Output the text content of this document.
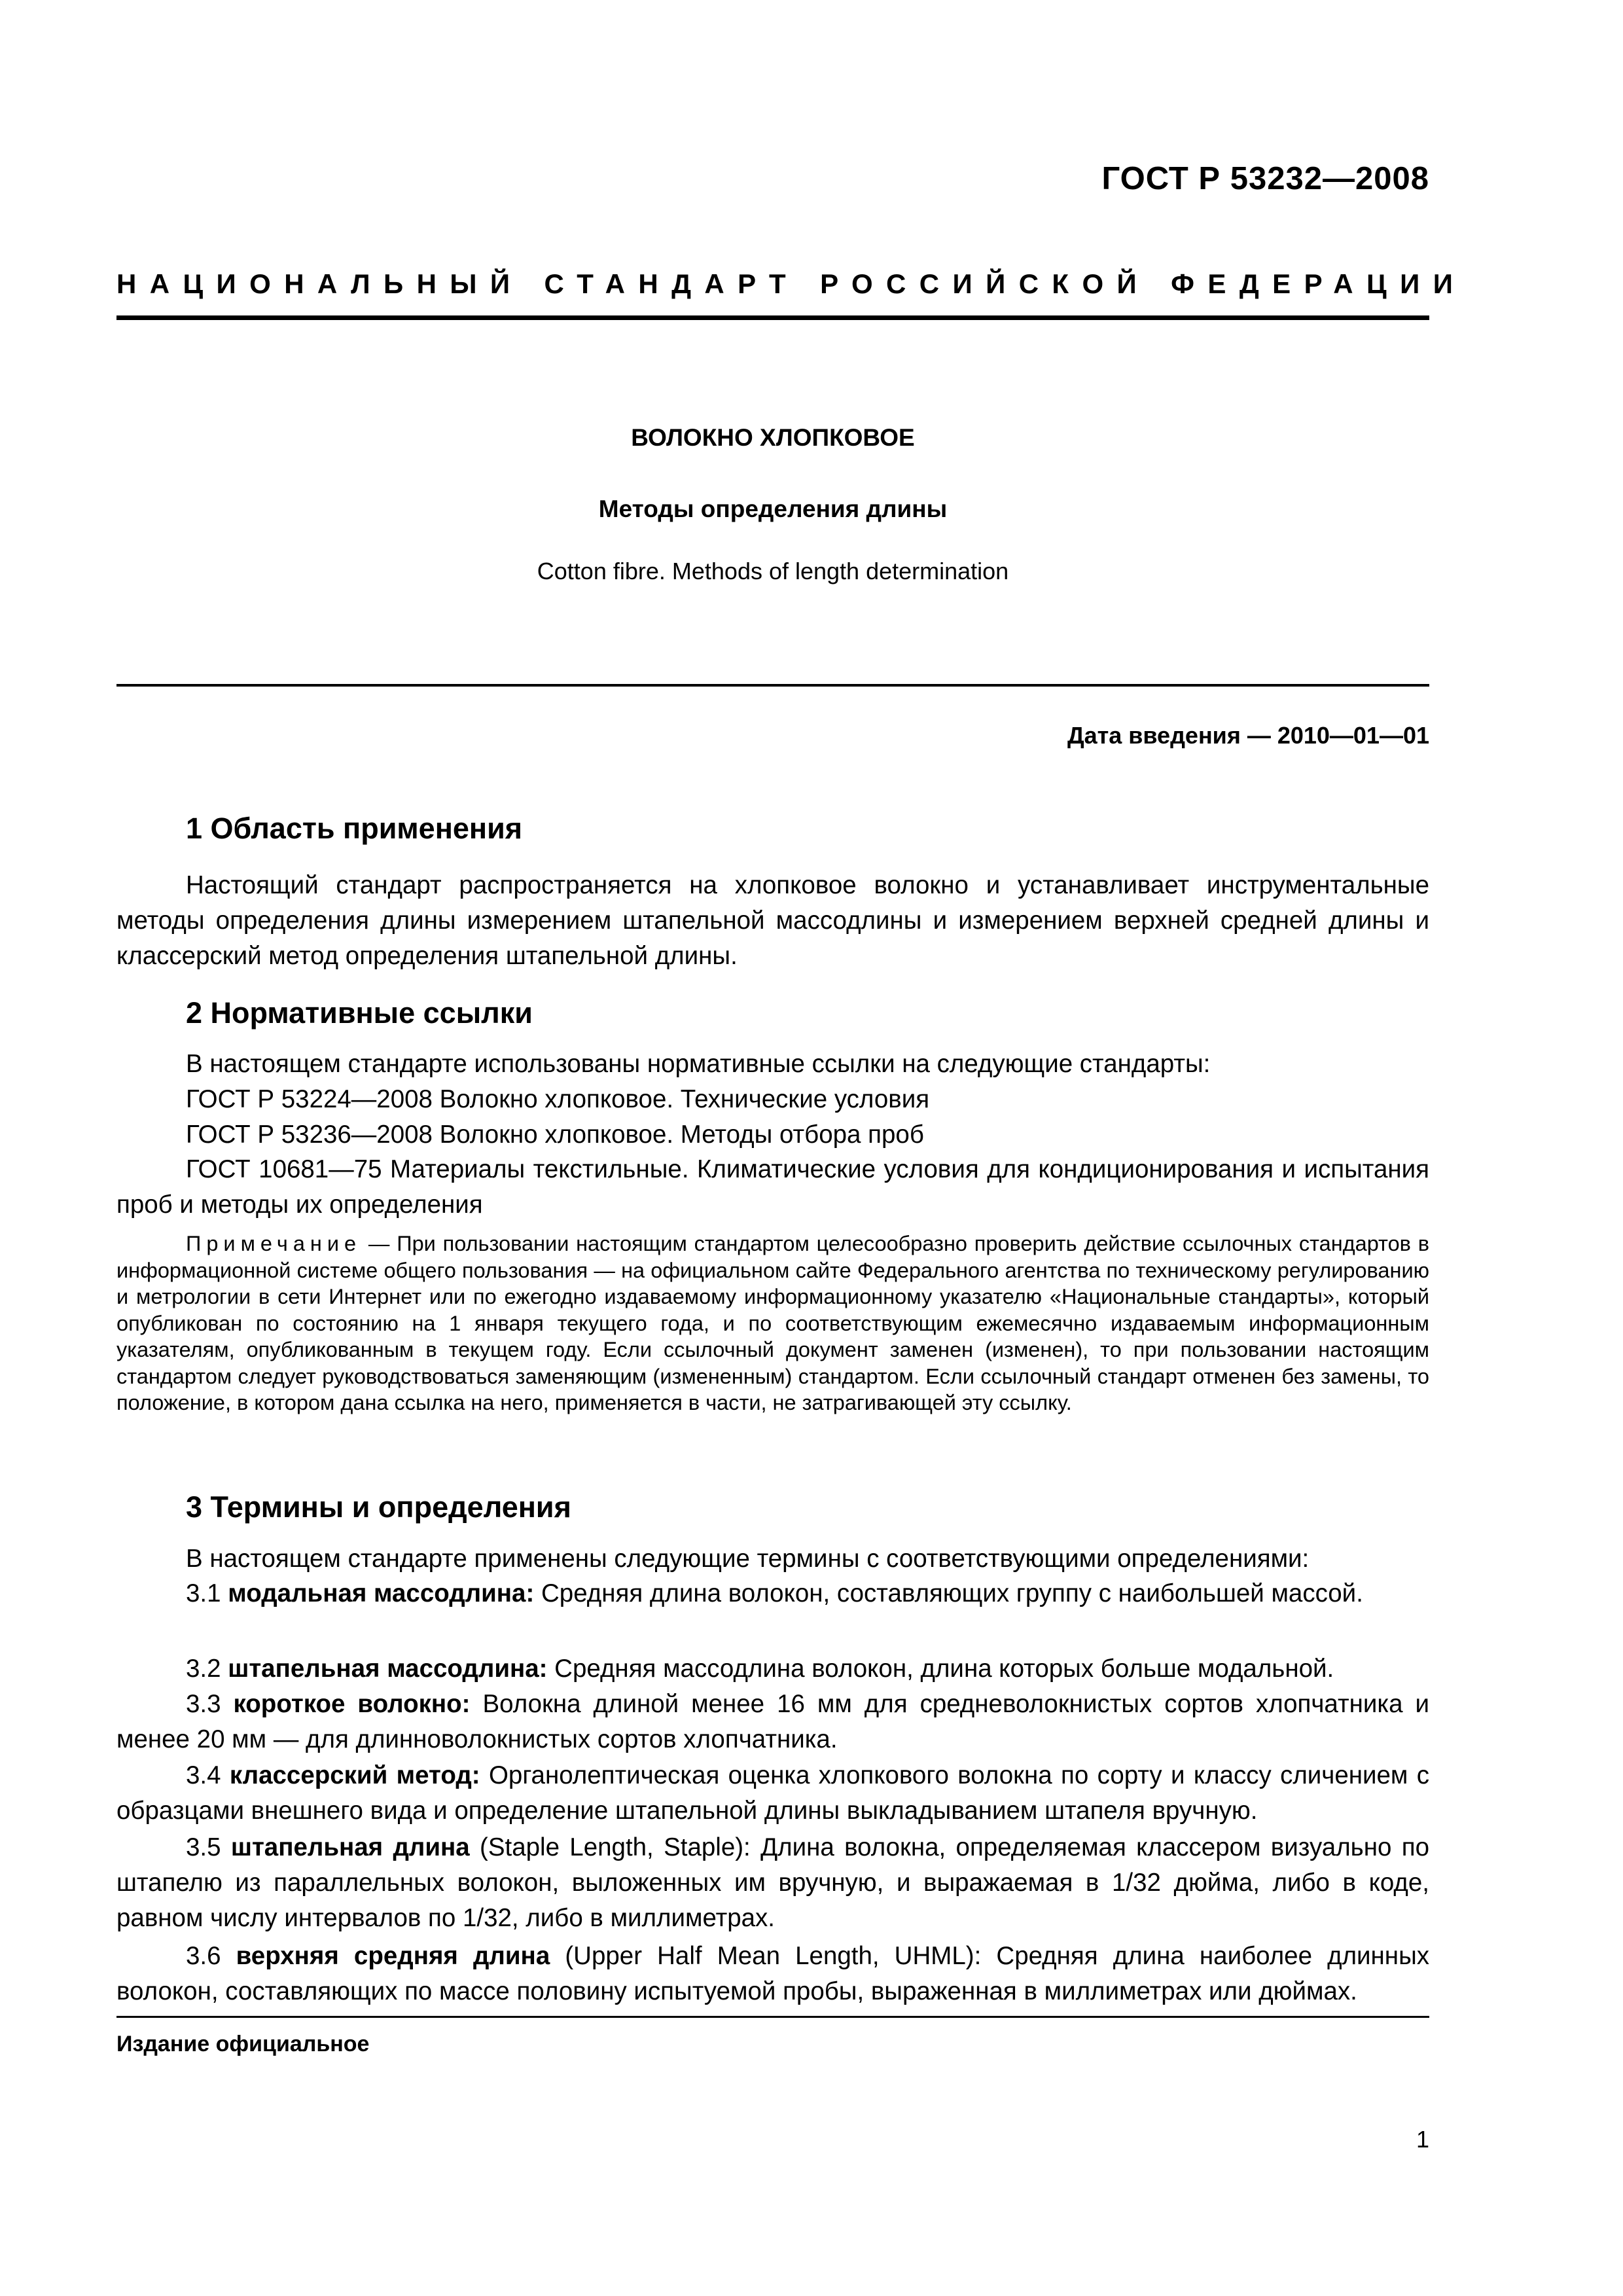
ГОСТ Р 53232—2008
НАЦИОНАЛЬНЫЙ СТАНДАРТ РОССИЙСКОЙ ФЕДЕРАЦИИ
ВОЛОКНО ХЛОПКОВОЕ
Методы определения длины
Cotton fibre. Methods of length determination
Дата введения — 2010—01—01
1 Область применения
Настоящий стандарт распространяется на хлопковое волокно и устанавливает инструментальные методы определения длины измерением штапельной массодлины и измерением верхней средней длины и классерский метод определения штапельной длины.
2 Нормативные ссылки
В настоящем стандарте использованы нормативные ссылки на следующие стандарты:
ГОСТ Р 53224—2008 Волокно хлопковое. Технические условия
ГОСТ Р 53236—2008 Волокно хлопковое. Методы отбора проб
ГОСТ 10681—75 Материалы текстильные. Климатические условия для кондиционирования и испытания проб и методы их определения
Примечание — При пользовании настоящим стандартом целесообразно проверить действие ссылочных стандартов в информационной системе общего пользования — на официальном сайте Федерального агентства по техническому регулированию и метрологии в сети Интернет или по ежегодно издаваемому информационному указателю «Национальные стандарты», который опубликован по состоянию на 1 января текущего года, и по соответствующим ежемесячно издаваемым информационным указателям, опубликованным в текущем году. Если ссылочный документ заменен (изменен), то при пользовании настоящим стандартом следует руководствоваться заменяющим (измененным) стандартом. Если ссылочный стандарт отменен без замены, то положение, в котором дана ссылка на него, применяется в части, не затрагивающей эту ссылку.
3 Термины и определения
В настоящем стандарте применены следующие термины с соответствующими определениями:
3.1 модальная массодлина: Средняя длина волокон, составляющих группу с наибольшей массой.
3.2 штапельная массодлина: Средняя массодлина волокон, длина которых больше модальной.
3.3 короткое волокно: Волокна длиной менее 16 мм для средневолокнистых сортов хлопчатника и менее 20 мм — для длинноволокнистых сортов хлопчатника.
3.4 классерский метод: Органолептическая оценка хлопкового волокна по сорту и классу сличением с образцами внешнего вида и определение штапельной длины выкладыванием штапеля вручную.
3.5 штапельная длина (Staple Length, Staple): Длина волокна, определяемая классером визуально по штапелю из параллельных волокон, выложенных им вручную, и выражаемая в 1/32 дюйма, либо в коде, равном числу интервалов по 1/32, либо в миллиметрах.
3.6 верхняя средняя длина (Upper Half Mean Length, UHML): Средняя длина наиболее длинных волокон, составляющих по массе половину испытуемой пробы, выраженная в миллиметрах или дюймах.
Издание официальное
1
